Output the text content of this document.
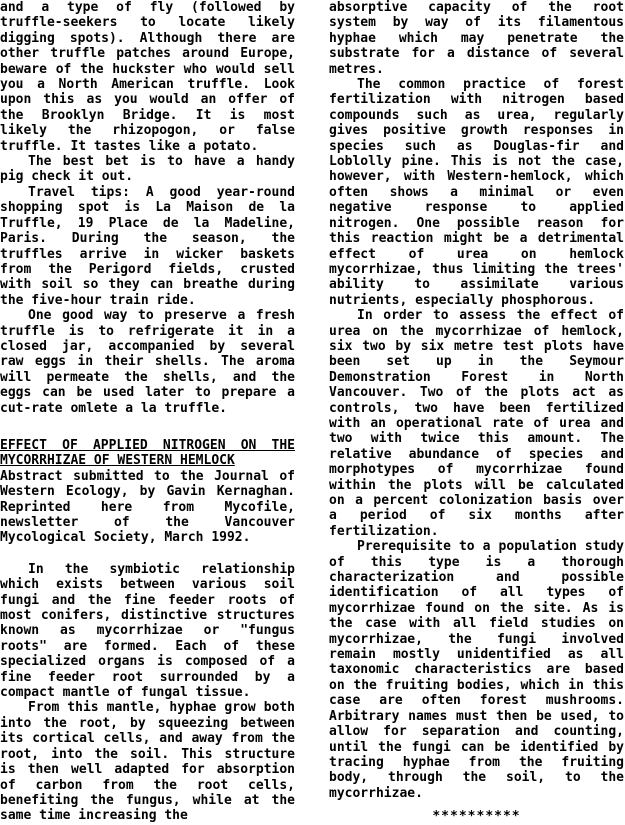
and a type of fly (followed by truffle-seekers to locate likely digging spots). Although there are other truffle patches around Europe, beware of the huckster who would sell you a North American truffle. Look upon this as you would an offer of the Brooklyn Bridge. It is most likely the rhizopogon, or false truffle. It tastes like a potato.

The best bet is to have a handy pig check it out.

Travel tips: A good year-round shopping spot is La Maison de la Truffle, 19 Place de la Madeline, Paris. During the season, the truffles arrive in wicker baskets from the Perigord fields, crusted with soil so they can breathe during the five-hour train ride.

One good way to preserve a fresh truffle is to refrigerate it in a closed jar, accompanied by several raw eggs in their shells. The aroma will permeate the shells, and the eggs can be used later to prepare a cut-rate omlete a la truffle.

EFFECT OF APPLIED NITROGEN ON THE MYCORRHIZAE OF WESTERN HEMLOCK

Abstract submitted to the Journal of Western Ecology, by Gavin Kernaghan. Reprinted here from Mycofile, newsletter of the Vancouver Mycological Society, March 1992.

In the symbiotic relationship which exists between various soil fungi and the fine feeder roots of most conifers, distinctive structures known as mycorrhizae or "fungus roots" are formed. Each of these specialized organs is composed of a fine feeder root surrounded by a compact mantle of fungal tissue.

From this mantle, hyphae grow both into the root, by squeezing between its cortical cells, and away from the root, into the soil. This structure is then well adapted for absorption of carbon from the root cells, benefiting the fungus, while at the same time increasing the

absorptive capacity of the root system by way of its filamentous hyphae which may penetrate the substrate for a distance of several metres.

The common practice of forest fertilization with nitrogen based compounds such as urea, regularly gives positive growth responses in species such as Douglas-fir and Loblolly pine. This is not the case, however, with Western-hemlock, which often shows a minimal or even negative response to applied nitrogen. One possible reason for this reaction might be a detrimental effect of urea on hemlock mycorrhizae, thus limiting the trees' ability to assimilate various nutrients, especially phosphorous.

In order to assess the effect of urea on the mycorrhizae of hemlock, six two by six metre test plots have been set up in the Seymour Demonstration Forest in North Vancouver. Two of the plots act as controls, two have been fertilized with an operational rate of urea and two with twice this amount. The relative abundance of species and morphotypes of mycorrhizae found within the plots will be calculated on a percent colonization basis over a period of six months after fertilization.

Prerequisite to a population study of this type is a thorough characterization and possible identification of all types of mycorrhizae found on the site. As is the case with all field studies on mycorrhizae, the fungi involved remain mostly unidentified as all taxonomic characteristics are based on the fruiting bodies, which in this case are often forest mushrooms. Arbitrary names must then be used, to allow for separation and counting, until the fungi can be identified by tracing hyphae from the fruiting body, through the soil, to the mycorrhizae.

**********
